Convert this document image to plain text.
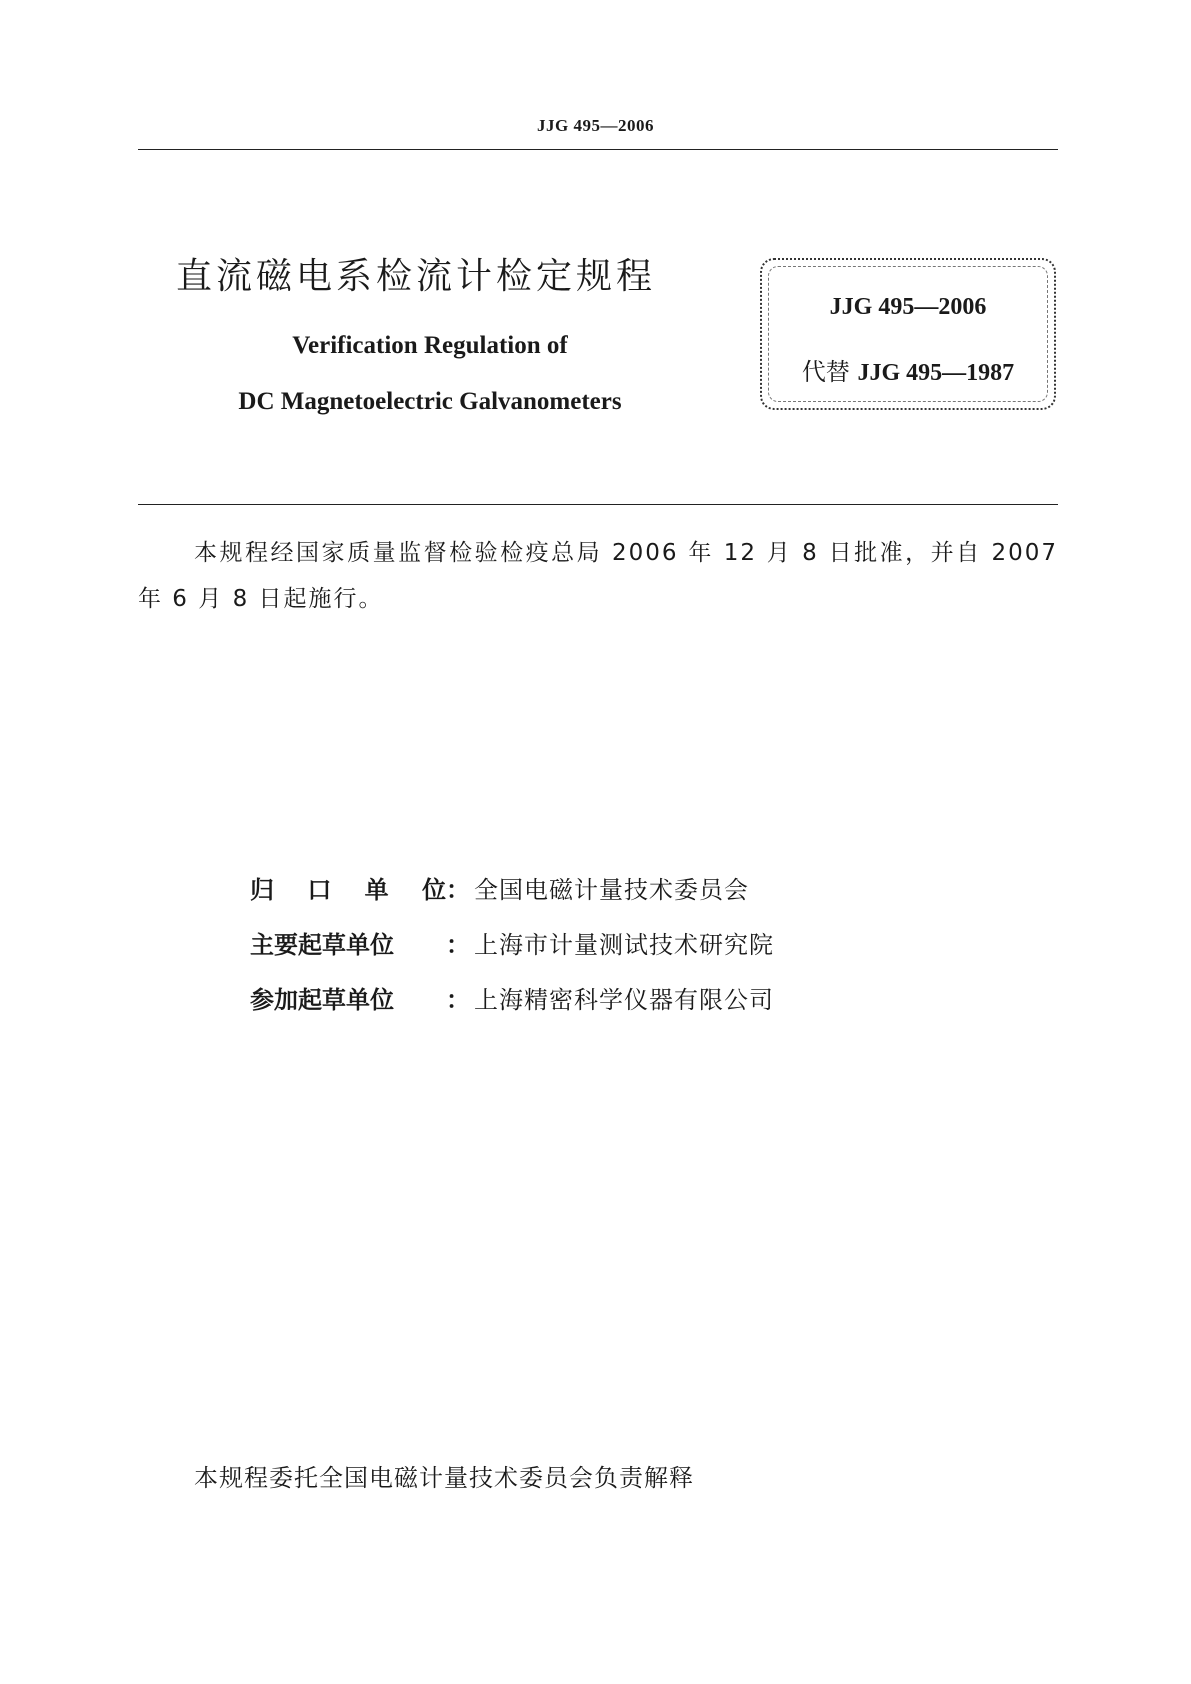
JJG 495—2006
直流磁电系检流计检定规程
Verification Regulation of
DC Magnetoelectric Galvanometers
JJG 495—2006
代替 JJG 495—1987
本规程经国家质量监督检验检疫总局 2006 年 12 月 8 日批准，并自 2007 年 6 月 8 日起施行。
归口单位： 全国电磁计量技术委员会
主要起草单位 ： 上海市计量测试技术研究院
参加起草单位 ： 上海精密科学仪器有限公司
本规程委托全国电磁计量技术委员会负责解释
